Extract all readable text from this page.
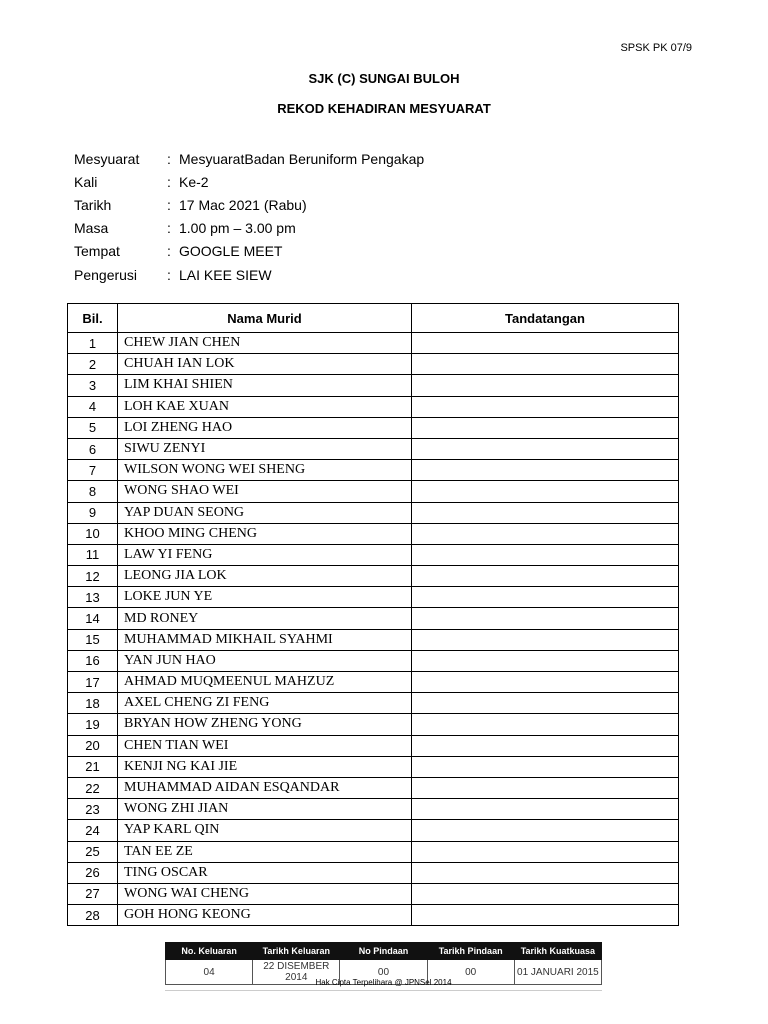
SPSK PK 07/9
SJK (C) SUNGAI BULOH
REKOD KEHADIRAN MESYUARAT
Mesyuarat	: MesyuaratBadan Beruniform Pengakap
Kali	: Ke-2
Tarikh	: 17 Mac 2021 (Rabu)
Masa	: 1.00 pm – 3.00 pm
Tempat	: GOOGLE MEET
Pengerusi	: LAI KEE SIEW
Bil.	Nama Murid	Tandatangan
1	CHEW JIAN CHEN	
2	CHUAH IAN LOK	
3	LIM KHAI SHIEN	
4	LOH KAE XUAN	
5	LOI ZHENG HAO	
6	SIWU ZENYI	
7	WILSON WONG WEI SHENG	
8	WONG SHAO WEI	
9	YAP DUAN SEONG	
10	KHOO MING CHENG	
11	LAW YI FENG	
12	LEONG JIA LOK	
13	LOKE JUN YE	
14	MD RONEY	
15	MUHAMMAD MIKHAIL SYAHMI	
16	YAN JUN HAO	
17	AHMAD MUQMEENUL MAHZUZ	
18	AXEL CHENG ZI FENG	
19	BRYAN HOW ZHENG YONG	
20	CHEN TIAN WEI	
21	KENJI NG KAI JIE	
22	MUHAMMAD AIDAN ESQANDAR	
23	WONG ZHI JIAN	
24	YAP KARL QIN	
25	TAN EE ZE	
26	TING OSCAR	
27	WONG WAI CHENG	
28	GOH HONG KEONG	
No. Keluaran	Tarikh Keluaran	No Pindaan	Tarikh Pindaan	Tarikh Kuatkuasa
04	22 DISEMBER 2014	00	00	01 JANUARI 2015
Hak Cipta Terpelihara @ JPNSel 2014
